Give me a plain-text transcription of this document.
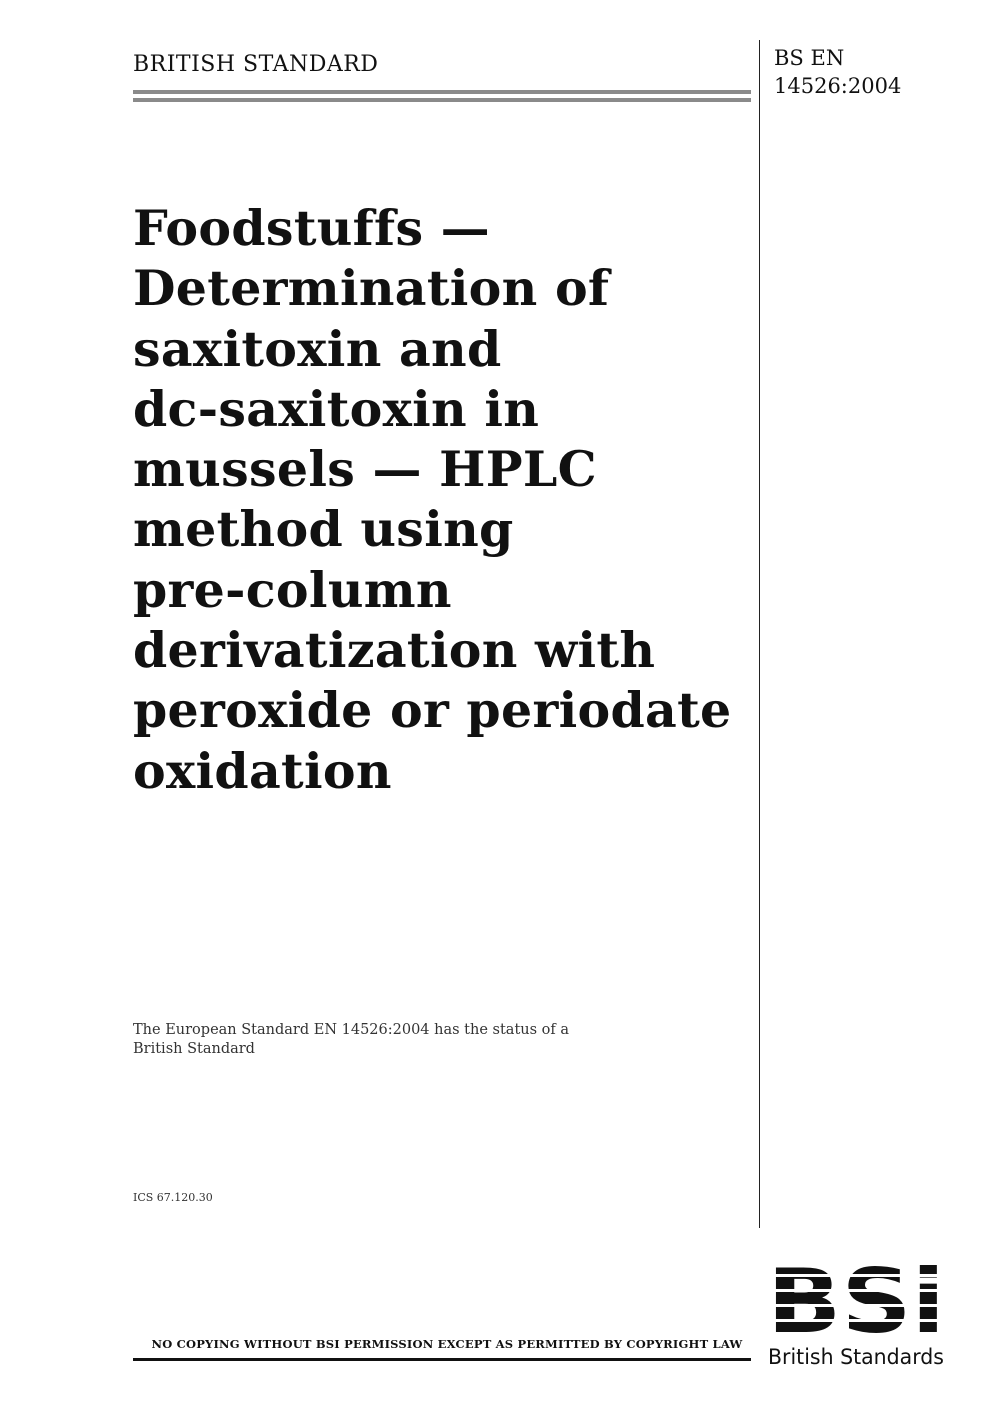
BRITISH STANDARD	BS EN
14526:2004
Foodstuffs —
Determination of
saxitoxin and
dc-saxitoxin in
mussels — HPLC
method using
pre-column
derivatization with
peroxide or periodate
oxidation
The European Standard EN 14526:2004 has the status of a British Standard
ICS 67.120.30
NO COPYING WITHOUT BSI PERMISSION EXCEPT AS PERMITTED BY COPYRIGHT LAW
British Standards
